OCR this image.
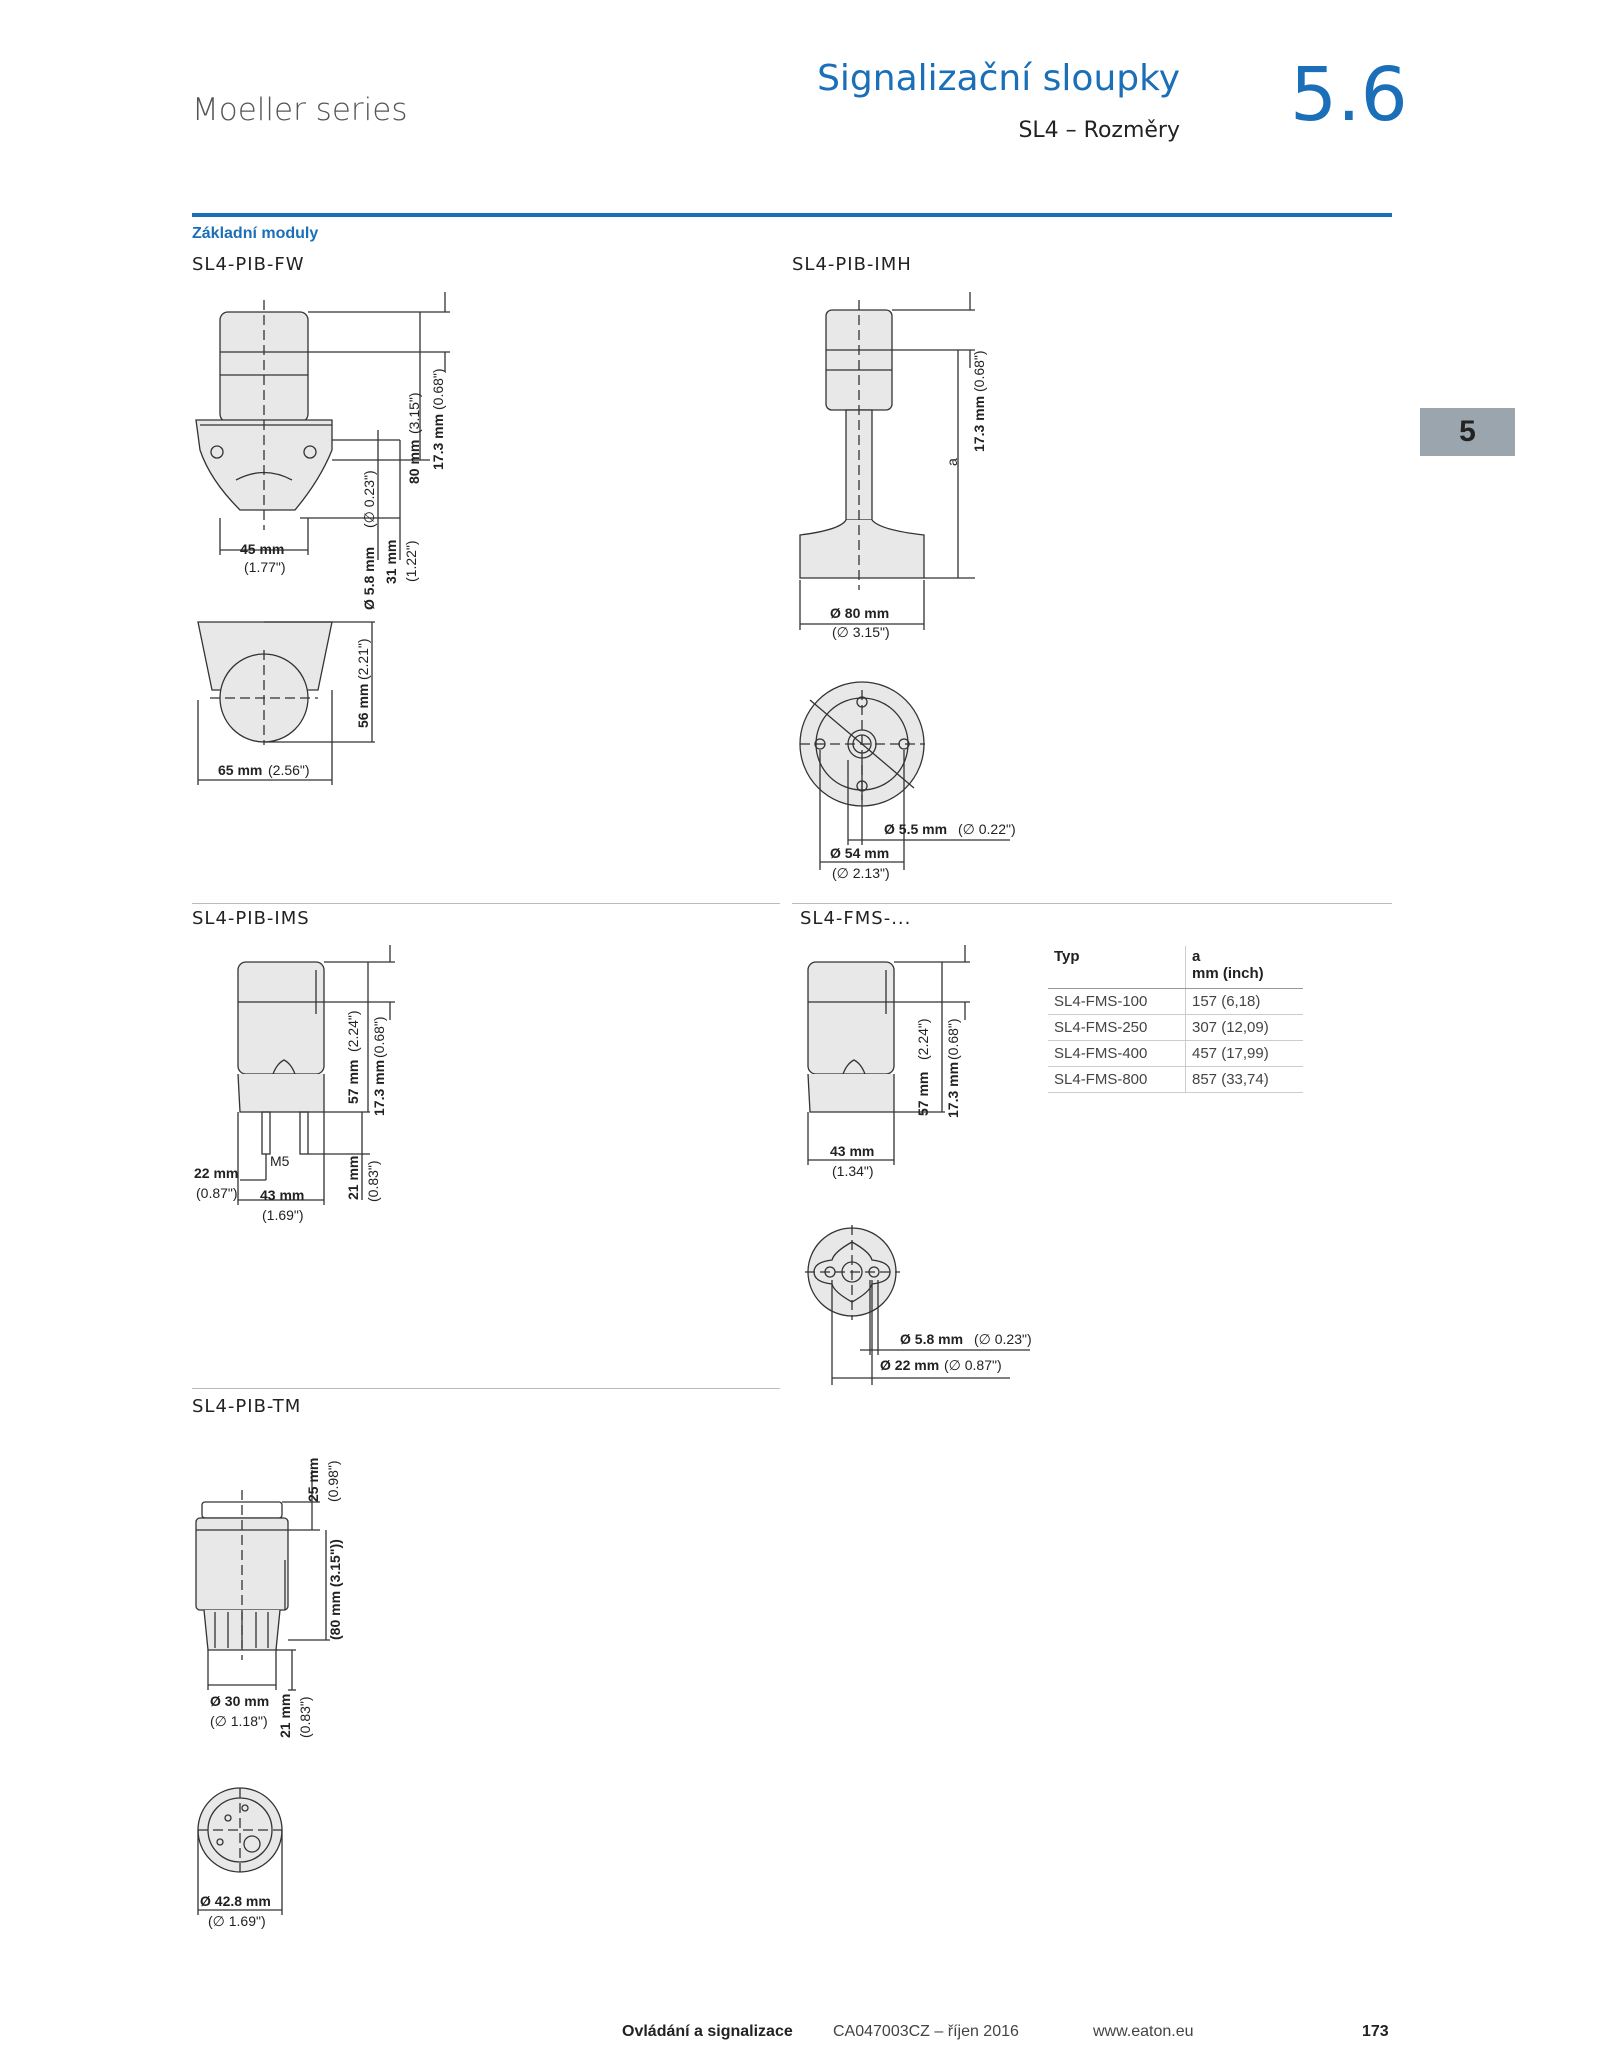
Moeller series
Signalizační sloupky
SL4 – Rozměry 5.6
Základní moduly
5
SL4-PIB-FW	SL4-PIB-IMH
SL4-PIB-IMS	SL4-FMS-...
SL4-PIB-TM
45 mm
(1.77")	Ø 5.8 mm
(∅ 0.23")
31 mm (1.22")
80 mm
(3.15")
17.3 mm
(0.68")
56 mm
(2.21")
65 mm (2.56")
17.3 mm
(0.68")
a
Ø 80 mm
(∅ 3.15")
Ø 5.5 mm (∅ 0.22")
Ø 54 mm
(∅ 2.13")
57 mm
(2.24")
17.3 mm
(0.68")
M5
22 mm
(0.87") 43 mm
(1.69")
21 mm (0.83")
57 mm
(2.24")
17.3 mm
(0.68")
43 mm
(1.34")
Ø 5.8 mm (∅ 0.23")
Ø 22 mm (∅ 0.87")
Typ	a
mm (inch)

SL4-FMS-100	157 (6,18)
SL4-FMS-250	307 (12,09)
SL4-FMS-400	457 (17,99)
SL4-FMS-800	857 (33,74)
25 mm (0.98")
(80 mm (3.15"))
Ø 30 mm
(∅ 1.18") 21 mm (0.83")
Ø 42.8 mm
(∅ 1.69")
Ovládání a signalizace	CA047003CZ – říjen 2016	www.eaton.eu	173
